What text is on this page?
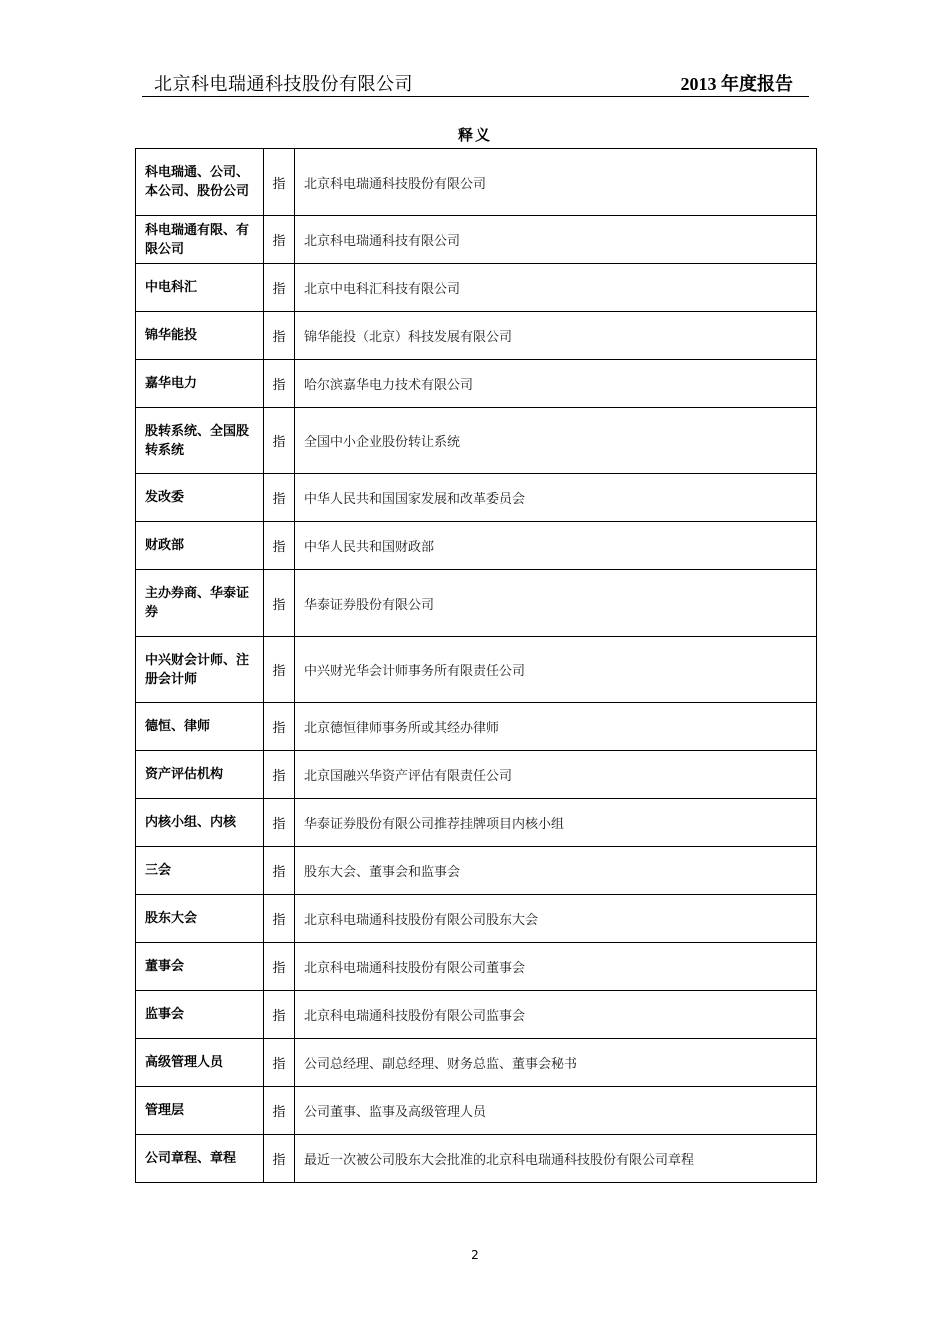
北京科电瑞通科技股份有限公司	2013 年度报告
释义
科电瑞通、公司、本公司、股份公司	指	北京科电瑞通科技股份有限公司
科电瑞通有限、有限公司	指	北京科电瑞通科技有限公司
中电科汇	指	北京中电科汇科技有限公司
锦华能投	指	锦华能投（北京）科技发展有限公司
嘉华电力	指	哈尔滨嘉华电力技术有限公司
股转系统、全国股转系统	指	全国中小企业股份转让系统
发改委	指	中华人民共和国国家发展和改革委员会
财政部	指	中华人民共和国财政部
主办券商、华泰证券	指	华泰证券股份有限公司
中兴财会计师、注册会计师	指	中兴财光华会计师事务所有限责任公司
德恒、律师	指	北京德恒律师事务所或其经办律师
资产评估机构	指	北京国融兴华资产评估有限责任公司
内核小组、内核	指	华泰证券股份有限公司推荐挂牌项目内核小组
三会	指	股东大会、董事会和监事会
股东大会	指	北京科电瑞通科技股份有限公司股东大会
董事会	指	北京科电瑞通科技股份有限公司董事会
监事会	指	北京科电瑞通科技股份有限公司监事会
高级管理人员	指	公司总经理、副总经理、财务总监、董事会秘书
管理层	指	公司董事、监事及高级管理人员
公司章程、章程	指	最近一次被公司股东大会批准的北京科电瑞通科技股份有限公司章程
2
